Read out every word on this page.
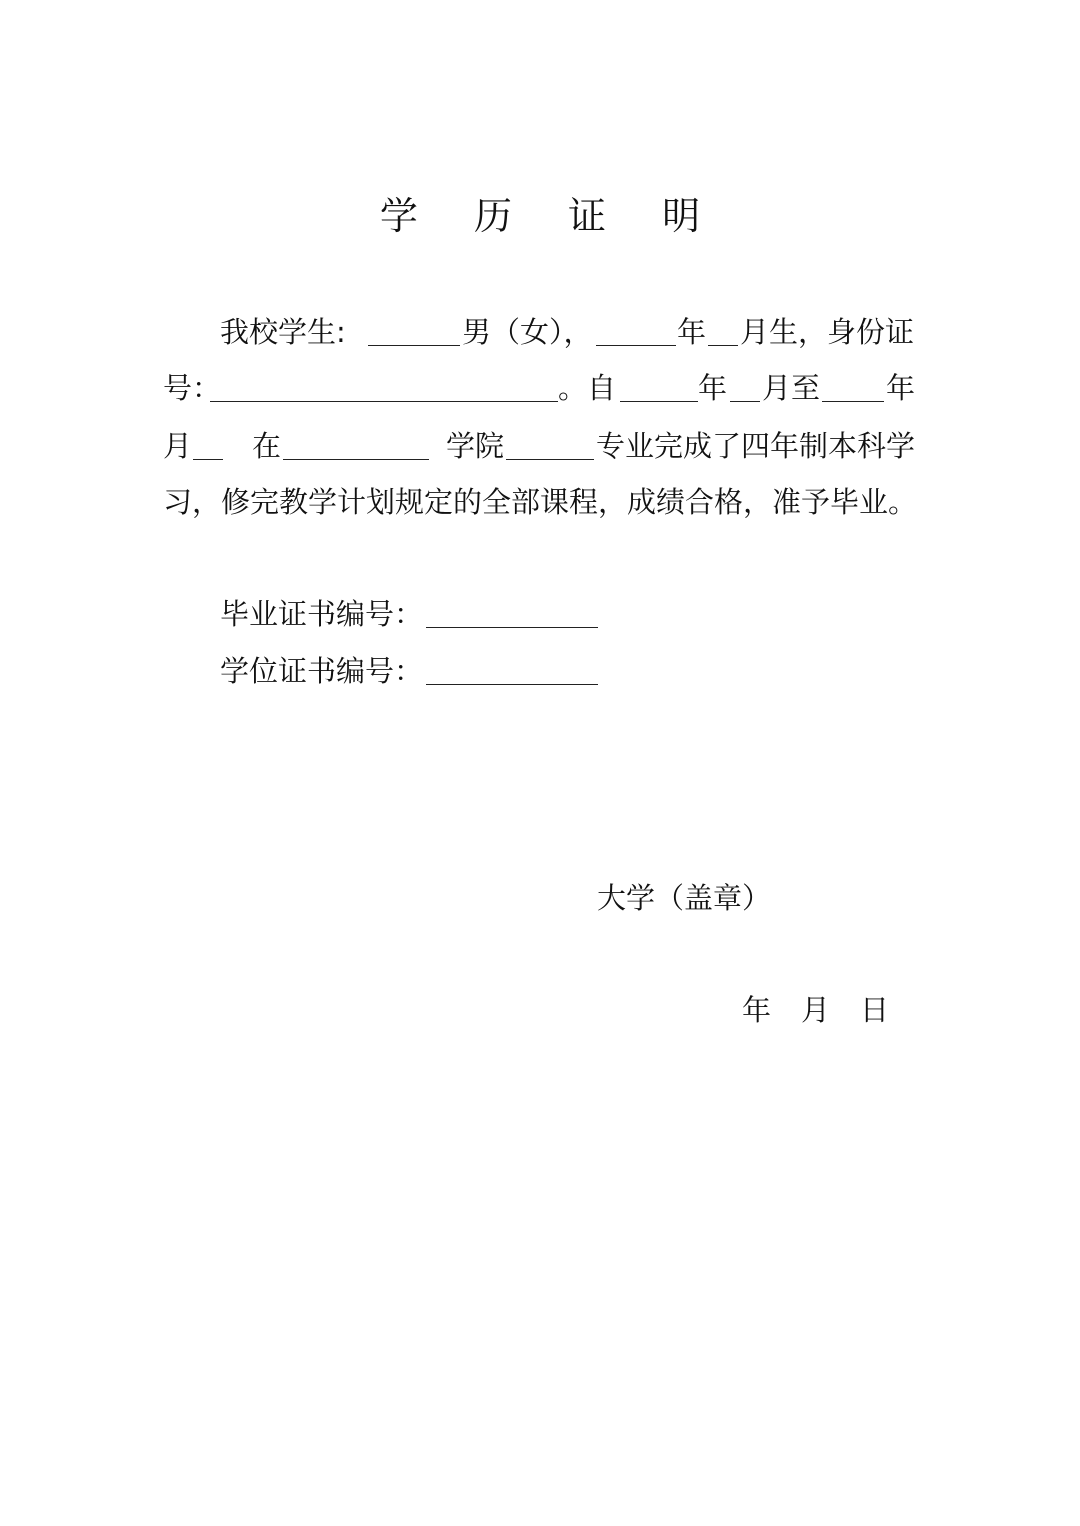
学 历 证 明
我校学生:	男（女），	年 月生，身份证
号：	。自	年 月至 年
月 在	学院	专业完成了四年制本科学
习，修完教学计划规定的全部课程，成绩合格，准予毕业。
毕业证书编号：
学位证书编号：
大学（盖章）
年 月 日
